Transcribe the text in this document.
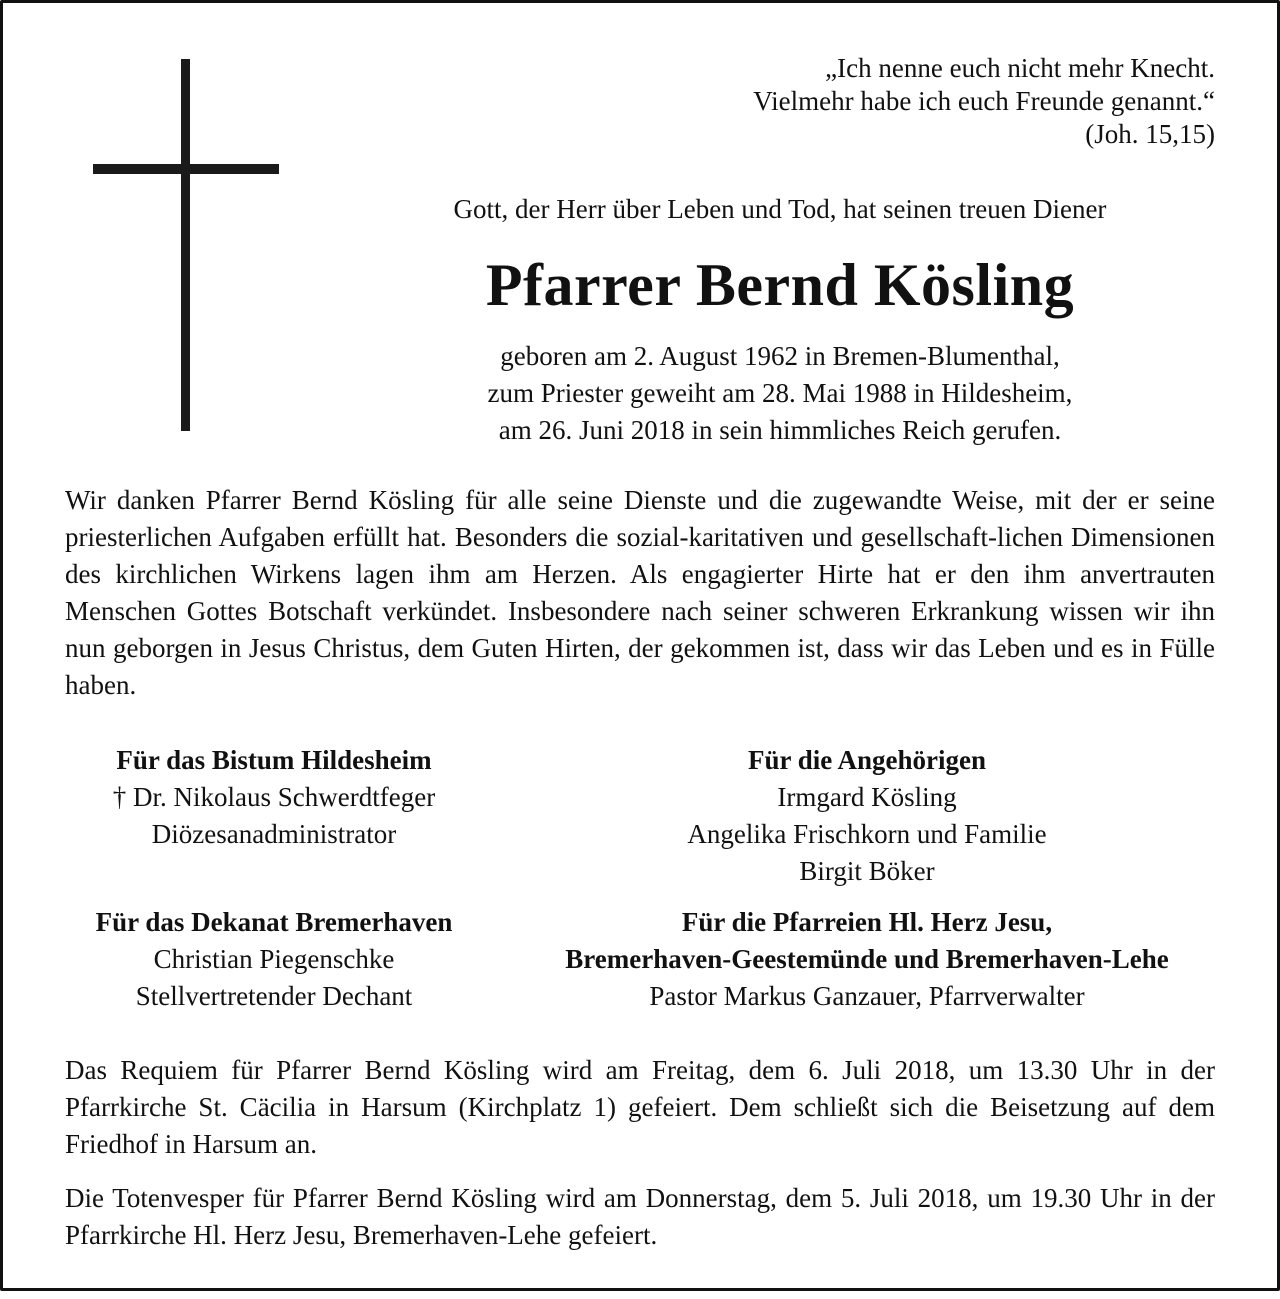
„Ich nenne euch nicht mehr Knecht.
Vielmehr habe ich euch Freunde genannt.“
(Joh. 15,15)
Gott, der Herr über Leben und Tod, hat seinen treuen Diener
Pfarrer Bernd Kösling
geboren am 2. August 1962 in Bremen-Blumenthal,
zum Priester geweiht am 28. Mai 1988 in Hildesheim,
am 26. Juni 2018 in sein himmliches Reich gerufen.

Wir danken Pfarrer Bernd Kösling für alle seine Dienste und die zugewandte Weise, mit der er seine priesterlichen Aufgaben erfüllt hat. Besonders die sozial-karitativen und gesellschaft-lichen Dimensionen des kirchlichen Wirkens lagen ihm am Herzen. Als engagierter Hirte hat er den ihm anvertrauten Menschen Gottes Botschaft verkündet. Insbesondere nach seiner schweren Erkrankung wissen wir ihn nun geborgen in Jesus Christus, dem Guten Hirten, der gekommen ist, dass wir das Leben und es in Fülle haben.

Für das Bistum Hildesheim
† Dr. Nikolaus Schwerdtfeger
Diözesanadministrator
Für die Angehörigen
Irmgard Kösling
Angelika Frischkorn und Familie
Birgit Böker
Für das Dekanat Bremerhaven
Christian Piegenschke
Stellvertretender Dechant
Für die Pfarreien Hl. Herz Jesu,
Bremerhaven-Geestemünde und Bremerhaven-Lehe
Pastor Markus Ganzauer, Pfarrverwalter

Das Requiem für Pfarrer Bernd Kösling wird am Freitag, dem 6. Juli 2018, um 13.30 Uhr in der Pfarrkirche St. Cäcilia in Harsum (Kirchplatz 1) gefeiert. Dem schließt sich die Beisetzung auf dem Friedhof in Harsum an.

Die Totenvesper für Pfarrer Bernd Kösling wird am Donnerstag, dem 5. Juli 2018, um 19.30 Uhr in der Pfarrkirche Hl. Herz Jesu, Bremerhaven-Lehe gefeiert.
